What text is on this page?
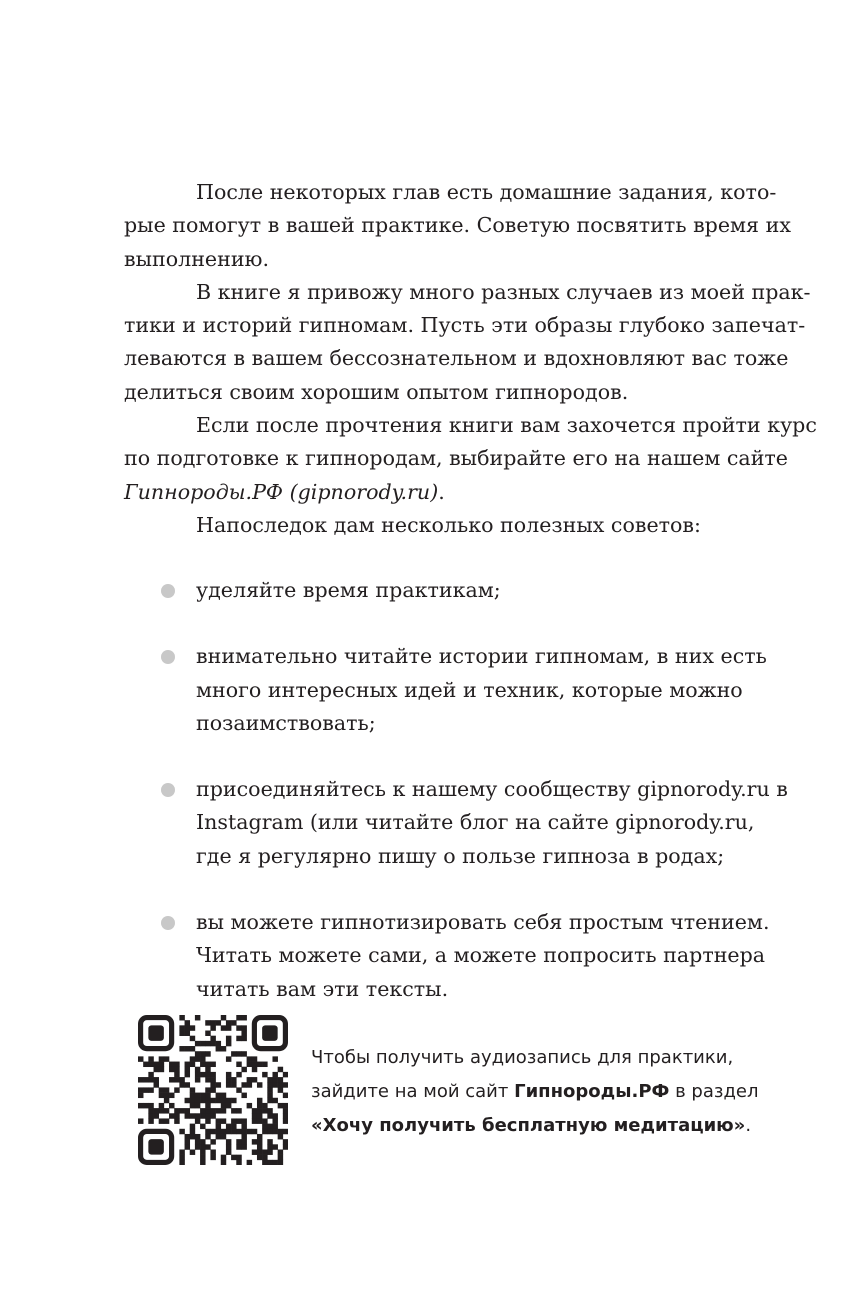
После некоторых глав есть домашние задания, кото-
рые помогут в вашей практике. Советую посвятить время их
выполнению.

В книге я привожу много разных случаев из моей прак-
тики и историй гипномам. Пусть эти образы глубоко запечат-
леваются в вашем бессознательном и вдохновляют вас тоже
делиться своим хорошим опытом гипнородов.

Если после прочтения книги вам захочется пройти курс
по подготовке к гипнородам, выбирайте его на нашем сайте
Гипнороды.РФ (gipnorody.ru).

Напоследок дам несколько полезных советов:

уделяйте время практикам;
внимательно читайте истории гипномам, в них есть
много интересных идей и техник, которые можно
позаимствовать;
присоединяйтесь к нашему сообществу gipnorody.ru в
Instagram (или читайте блог на сайте gipnorody.ru,
где я регулярно пишу о пользе гипноза в родах;
вы можете гипнотизировать себя простым чтением.
Читать можете сами, а можете попросить партнера
читать вам эти тексты.
Чтобы получить аудиозапись для практики,
зайдите на мой сайт Гипнороды.РФ в раздел
«Хочу получить бесплатную медитацию».
